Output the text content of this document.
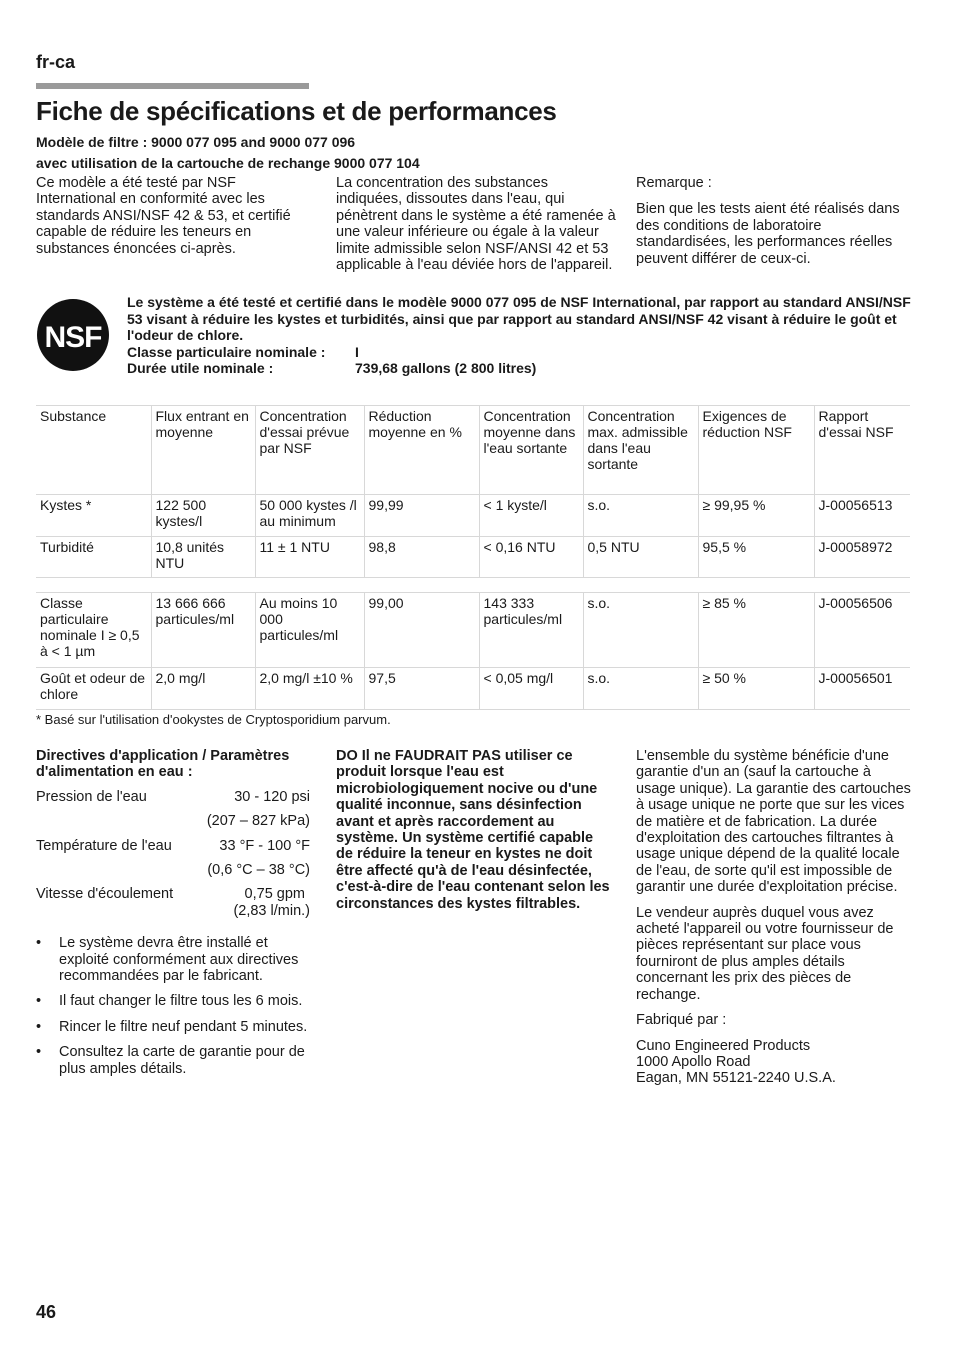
fr-ca
Fiche de spécifications et de performances
Modèle de filtre : 9000 077 095 and 9000 077 096
avec utilisation de la cartouche de rechange 9000 077 104
Ce modèle a été testé par NSF International en conformité avec les standards ANSI/NSF 42 & 53, et certifié capable de réduire les teneurs en substances énoncées ci-après.
La concentration des substances indiquées, dissoutes dans l'eau, qui pénètrent dans le système a été ramenée à une valeur inférieure ou égale à la valeur limite admissible selon NSF/ANSI 42 et 53 applicable à l'eau déviée hors de l'appareil.

Remarque :

Bien que les tests aient été réalisés dans des conditions de laboratoire standardisées, les performances réelles peuvent différer de ceux-ci.

NSF
Le système a été testé et certifié dans le modèle 9000 077 095 de NSF International, par rapport au standard ANSI/NSF 53 visant à réduire les kystes et turbidités, ainsi que par rapport au standard ANSI/NSF 42 visant à réduire le goût et l'odeur de chlore.
Classe particulaire nominale :	I
Durée utile nominale :	739,68 gallons (2 800 litres)
Substance	Flux entrant en moyenne	Concentration d'essai prévue par NSF	Réduction moyenne en %	Concentration moyenne dans l'eau sortante	Concentration max. admissible dans l'eau sortante	Exigences de réduction NSF	Rapport d'essai NSF
Kystes *	122 500 kystes/l	50 000 kystes /l au minimum	99,99	< 1 kyste/l	s.o.	≥ 99,95 %	J-00056513
Turbidité	10,8 unités NTU	11 ± 1 NTU	98,8	< 0,16 NTU	0,5 NTU	95,5 %	J-00058972
Classe particulaire nominale I ≥ 0,5 à < 1 µm	13 666 666 particules/ml	Au moins 10 000 particules/ml	99,00	143 333 particules/ml	s.o.	≥ 85 %	J-00056506
Goût et odeur de chlore	2,0 mg/l	2,0 mg/l ±10 %	97,5	< 0,05 mg/l	s.o.	≥ 50 %	J-00056501
* Basé sur l'utilisation d'ookystes de Cryptosporidium parvum.
Directives d'application / Paramètres d'alimentation en eau :
Pression de l'eau	30 - 120 psi
(207 – 827 kPa)
Température de l'eau	33 °F - 100 °F
(0,6 °C – 38 °C)
Vitesse d'écoulement	0,75 gpm
(2,83 l/min.)
• Le système devra être installé et exploité conformément aux directives recommandées par le fabricant.
• Il faut changer le filtre tous les 6 mois.
• Rincer le filtre neuf pendant 5 minutes.
• Consultez la carte de garantie pour de plus amples détails.
DO Il ne FAUDRAIT PAS utiliser ce produit lorsque l'eau est microbiologiquement nocive ou d'une qualité inconnue, sans désinfection avant et après raccordement au système. Un système certifié capable de réduire la teneur en kystes ne doit être affecté qu'à de l'eau désinfectée, c'est-à-dire de l'eau contenant selon les circonstances des kystes filtrables.

L'ensemble du système bénéficie d'une garantie d'un an (sauf la cartouche à usage unique). La garantie des cartouches à usage unique ne porte que sur les vices de matière et de fabrication. La durée d'exploitation des cartouches filtrantes à usage unique dépend de la qualité locale de l'eau, de sorte qu'il est impossible de garantir une durée d'exploitation précise.

Le vendeur auprès duquel vous avez acheté l'appareil ou votre fournisseur de pièces représentant sur place vous fourniront de plus amples détails concernant les prix des pièces de rechange.

Fabriqué par :

Cuno Engineered Products
1000 Apollo Road
Eagan, MN 55121-2240 U.S.A.
46
